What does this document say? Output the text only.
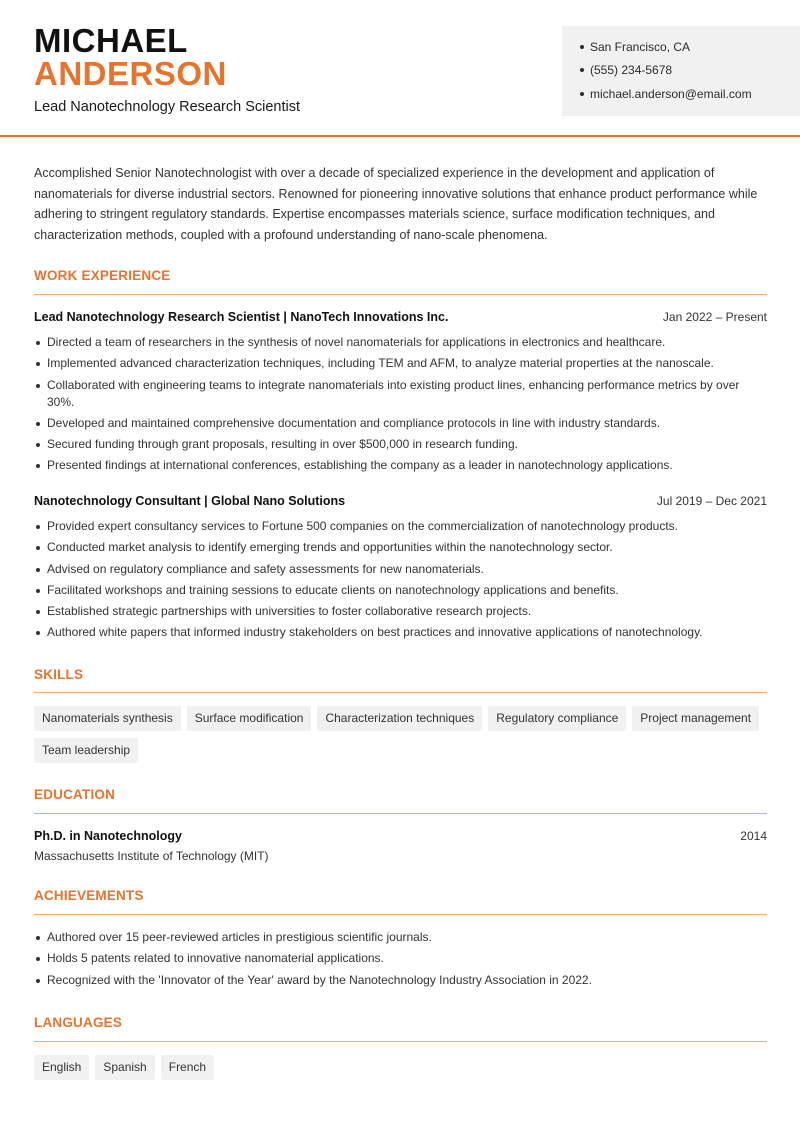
MICHAEL
ANDERSON
Lead Nanotechnology Research Scientist
San Francisco, CA
(555) 234-5678
michael.anderson@email.com
Accomplished Senior Nanotechnologist with over a decade of specialized experience in the development and application of nanomaterials for diverse industrial sectors. Renowned for pioneering innovative solutions that enhance product performance while adhering to stringent regulatory standards. Expertise encompasses materials science, surface modification techniques, and characterization methods, coupled with a profound understanding of nano-scale phenomena.
WORK EXPERIENCE
Lead Nanotechnology Research Scientist | NanoTech Innovations Inc.	Jan 2022 – Present
Directed a team of researchers in the synthesis of novel nanomaterials for applications in electronics and healthcare.
Implemented advanced characterization techniques, including TEM and AFM, to analyze material properties at the nanoscale.
Collaborated with engineering teams to integrate nanomaterials into existing product lines, enhancing performance metrics by over 30%.
Developed and maintained comprehensive documentation and compliance protocols in line with industry standards.
Secured funding through grant proposals, resulting in over $500,000 in research funding.
Presented findings at international conferences, establishing the company as a leader in nanotechnology applications.
Nanotechnology Consultant | Global Nano Solutions	Jul 2019 – Dec 2021
Provided expert consultancy services to Fortune 500 companies on the commercialization of nanotechnology products.
Conducted market analysis to identify emerging trends and opportunities within the nanotechnology sector.
Advised on regulatory compliance and safety assessments for new nanomaterials.
Facilitated workshops and training sessions to educate clients on nanotechnology applications and benefits.
Established strategic partnerships with universities to foster collaborative research projects.
Authored white papers that informed industry stakeholders on best practices and innovative applications of nanotechnology.
SKILLS
Nanomaterials synthesis Surface modification Characterization techniques Regulatory compliance Project managementTeam leadership
EDUCATION
Ph.D. in Nanotechnology	2014
Massachusetts Institute of Technology (MIT)
ACHIEVEMENTS
Authored over 15 peer-reviewed articles in prestigious scientific journals.
Holds 5 patents related to innovative nanomaterial applications.
Recognized with the 'Innovator of the Year' award by the Nanotechnology Industry Association in 2022.
LANGUAGES
English Spanish French
